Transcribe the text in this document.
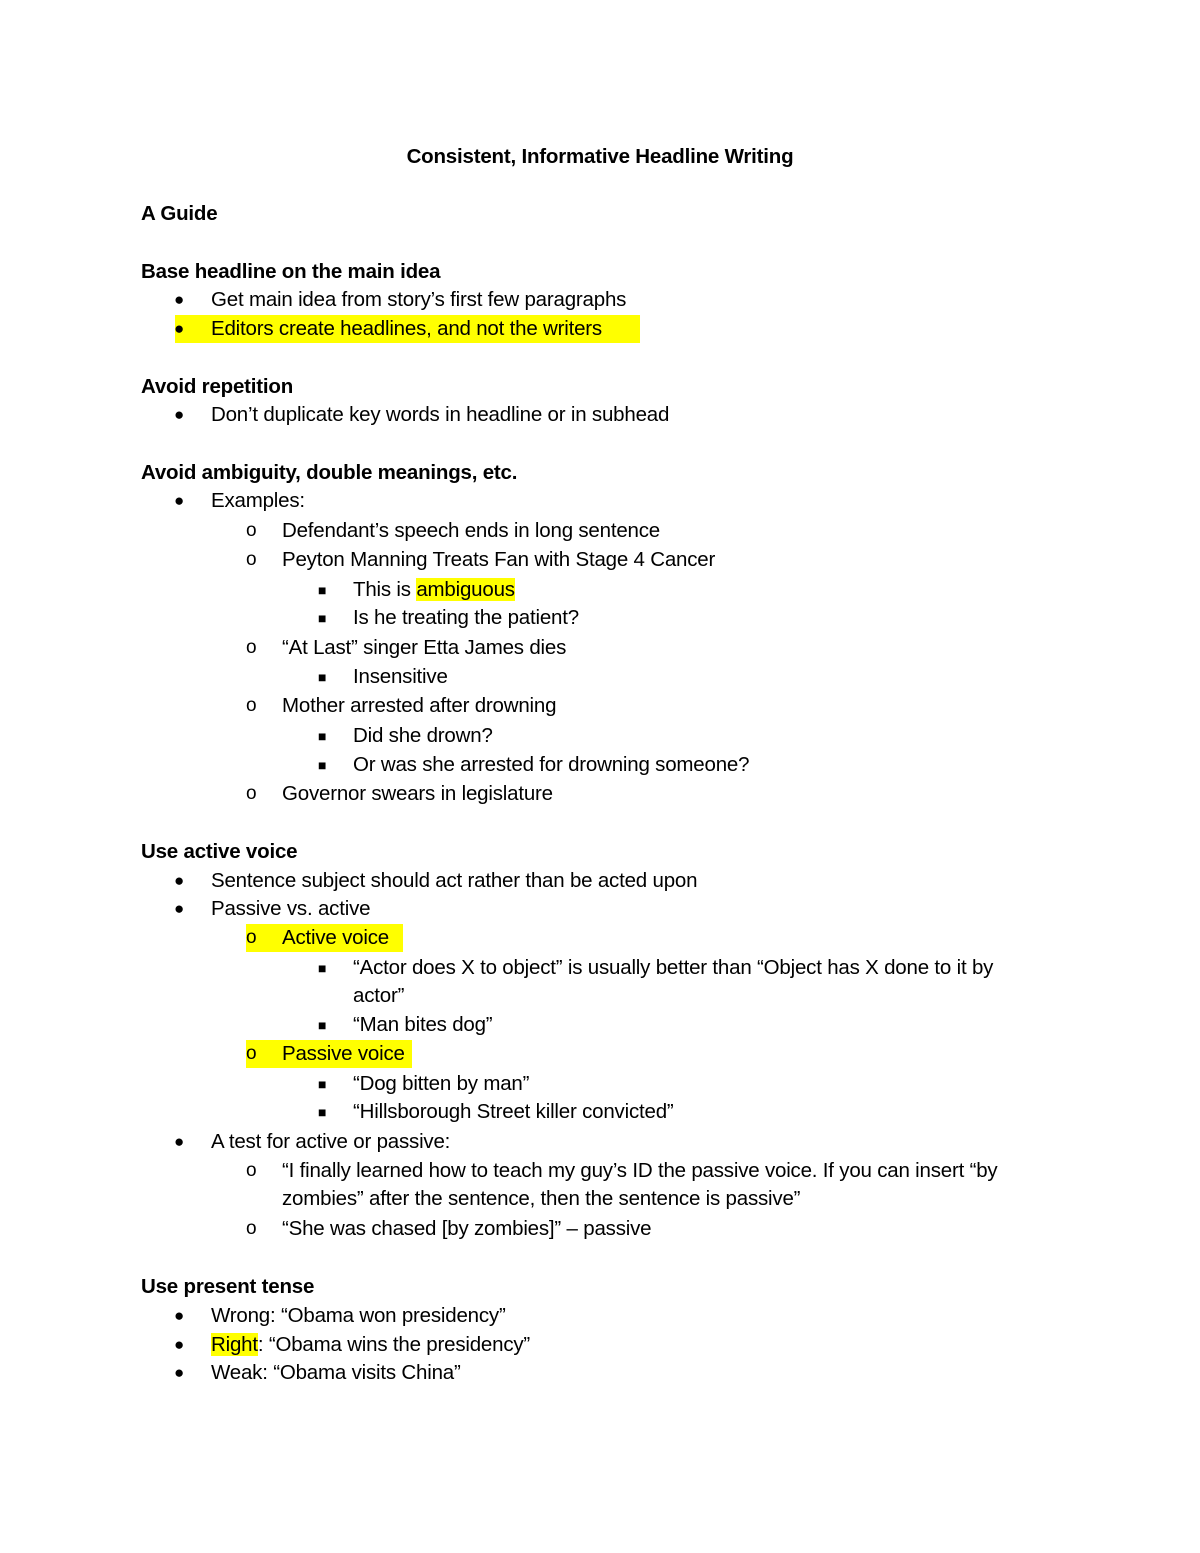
Consistent, Informative Headline Writing
A Guide
Base headline on the main idea
● Get main idea from story’s first few paragraphs
● Editors create headlines, and not the writers
Avoid repetition
● Don’t duplicate key words in headline or in subhead
Avoid ambiguity, double meanings, etc.
● Examples:
o	Defendant’s speech ends in long sentence
o	Peyton Manning Treats Fan with Stage 4 Cancer
■ This is ambiguous
■ Is he treating the patient?
o	“At Last” singer Etta James dies
■ Insensitive
o	Mother arrested after drowning
■ Did she drown?
■ Or was she arrested for drowning someone?
o	Governor swears in legislature
Use active voice
● Sentence subject should act rather than be acted upon
● Passive vs. active
o	Active voice
■ “Actor does X to object” is usually better than “Object has X done to it by
actor”
■ “Man bites dog”
o	Passive voice
■ “Dog bitten by man”
■ “Hillsborough Street killer convicted”
● A test for active or passive:
o	“I finally learned how to teach my guy’s ID the passive voice. If you can insert “by
zombies” after the sentence, then the sentence is passive”
o	“She was chased [by zombies]” – passive
Use present tense
● Wrong: “Obama won presidency”
● Right: “Obama wins the presidency”
● Weak: “Obama visits China”
